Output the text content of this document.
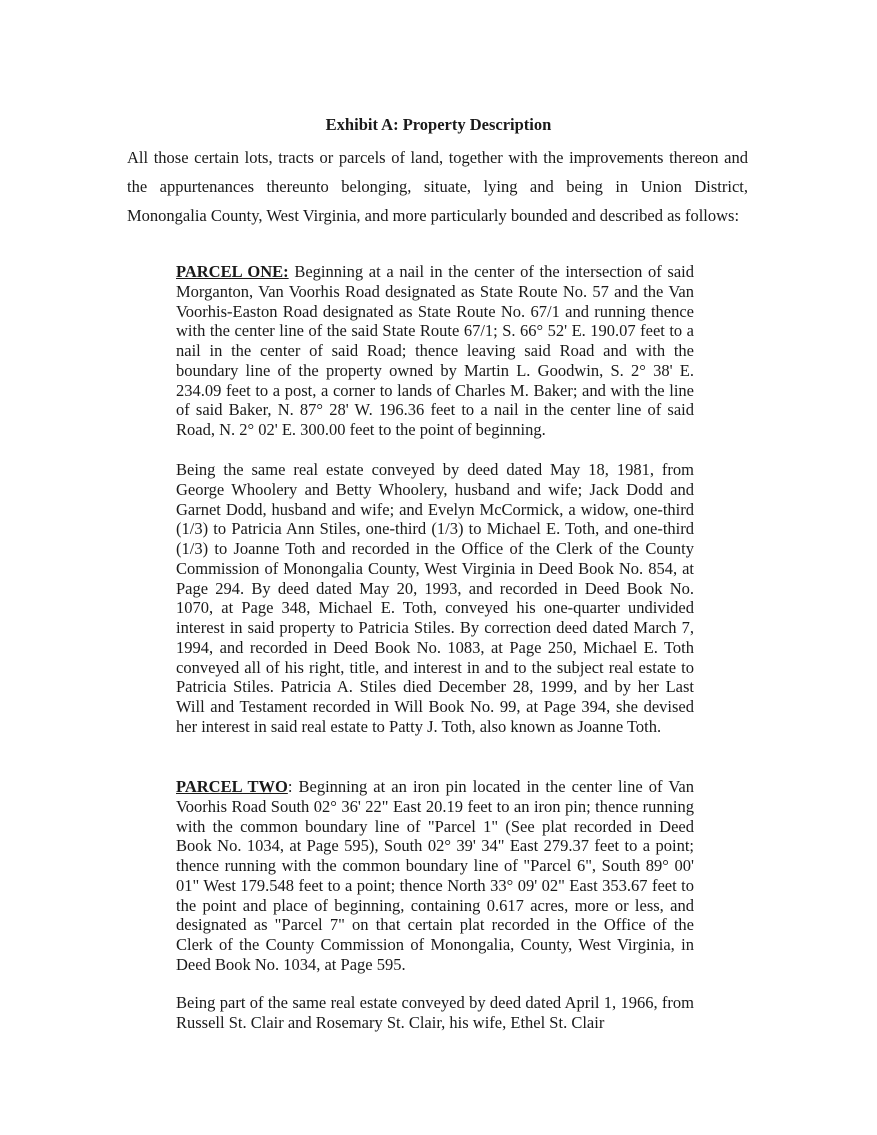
Exhibit A: Property Description

All those certain lots, tracts or parcels of land, together with the improvements thereon and the appurtenances thereunto belonging, situate, lying and being in Union District, Monongalia County, West Virginia, and more particularly bounded and described as follows:

PARCEL ONE: Beginning at a nail in the center of the intersection of said Morganton, Van Voorhis Road designated as State Route No. 57 and the Van Voorhis-Easton Road designated as State Route No. 67/1 and running thence with the center line of the said State Route 67/1; S. 66° 52' E. 190.07 feet to a nail in the center of said Road; thence leaving said Road and with the boundary line of the property owned by Martin L. Goodwin, S. 2° 38' E. 234.09 feet to a post, a corner to lands of Charles M. Baker; and with the line of said Baker, N. 87° 28' W. 196.36 feet to a nail in the center line of said Road, N. 2° 02' E. 300.00 feet to the point of beginning.

Being the same real estate conveyed by deed dated May 18, 1981, from George Whoolery and Betty Whoolery, husband and wife; Jack Dodd and Garnet Dodd, husband and wife; and Evelyn McCormick, a widow, one-third (1/3) to Patricia Ann Stiles, one-third (1/3) to Michael E. Toth, and one-third (1/3) to Joanne Toth and recorded in the Office of the Clerk of the County Commission of Monongalia County, West Virginia in Deed Book No. 854, at Page 294. By deed dated May 20, 1993, and recorded in Deed Book No. 1070, at Page 348, Michael E. Toth, conveyed his one-quarter undivided interest in said property to Patricia Stiles. By correction deed dated March 7, 1994, and recorded in Deed Book No. 1083, at Page 250, Michael E. Toth conveyed all of his right, title, and interest in and to the subject real estate to Patricia Stiles. Patricia A. Stiles died December 28, 1999, and by her Last Will and Testament recorded in Will Book No. 99, at Page 394, she devised her interest in said real estate to Patty J. Toth, also known as Joanne Toth.

PARCEL TWO: Beginning at an iron pin located in the center line of Van Voorhis Road South 02° 36' 22" East 20.19 feet to an iron pin; thence running with the common boundary line of "Parcel 1" (See plat recorded in Deed Book No. 1034, at Page 595), South 02° 39' 34" East 279.37 feet to a point; thence running with the common boundary line of "Parcel 6", South 89° 00' 01" West 179.548 feet to a point; thence North 33° 09' 02" East 353.67 feet to the point and place of beginning, containing 0.617 acres, more or less, and designated as "Parcel 7" on that certain plat recorded in the Office of the Clerk of the County Commission of Monongalia, County, West Virginia, in Deed Book No. 1034, at Page 595.

Being part of the same real estate conveyed by deed dated April 1, 1966, from Russell St. Clair and Rosemary St. Clair, his wife, Ethel St. Clair
